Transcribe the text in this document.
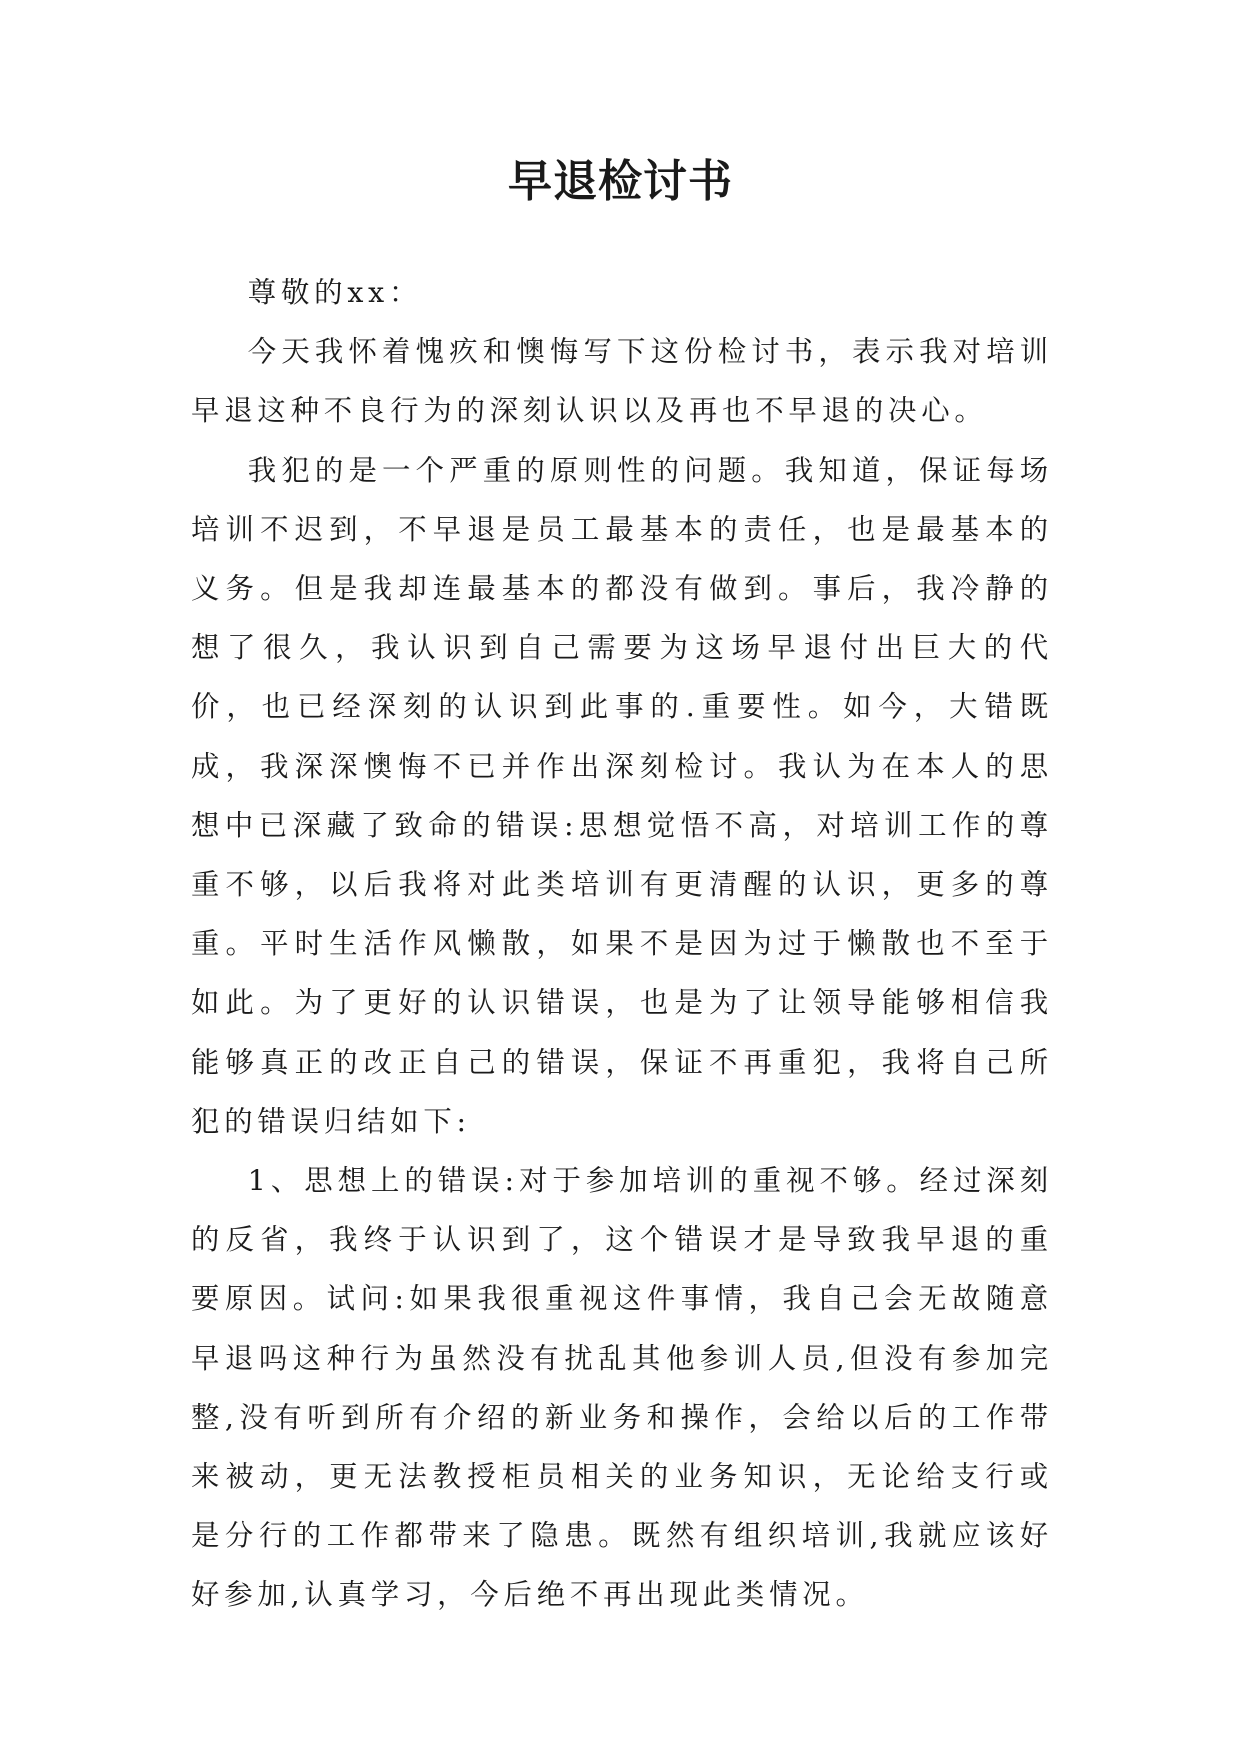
早退检讨书

尊敬的xx：

今天我怀着愧疚和懊悔写下这份检讨书，表示我对培训早退这种不良行为的深刻认识以及再也不早退的决心。

我犯的是一个严重的原则性的问题。我知道，保证每场培训不迟到，不早退是员工最基本的责任，也是最基本的义务。但是我却连最基本的都没有做到。事后，我冷静的想了很久，我认识到自己需要为这场早退付出巨大的代价，也已经深刻的认识到此事的.重要性。如今，大错既成，我深深懊悔不已并作出深刻检讨。我认为在本人的思想中已深藏了致命的错误:思想觉悟不高，对培训工作的尊重不够，以后我将对此类培训有更清醒的认识，更多的尊重。平时生活作风懒散，如果不是因为过于懒散也不至于如此。为了更好的认识错误，也是为了让领导能够相信我能够真正的改正自己的错误，保证不再重犯，我将自己所犯的错误归结如下:

1、思想上的错误:对于参加培训的重视不够。经过深刻的反省，我终于认识到了，这个错误才是导致我早退的重要原因。试问:如果我很重视这件事情，我自己会无故随意早退吗这种行为虽然没有扰乱其他参训人员,但没有参加完整,没有听到所有介绍的新业务和操作，会给以后的工作带来被动，更无法教授柜员相关的业务知识，无论给支行或是分行的工作都带来了隐患。既然有组织培训,我就应该好好参加,认真学习，今后绝不再出现此类情况。
